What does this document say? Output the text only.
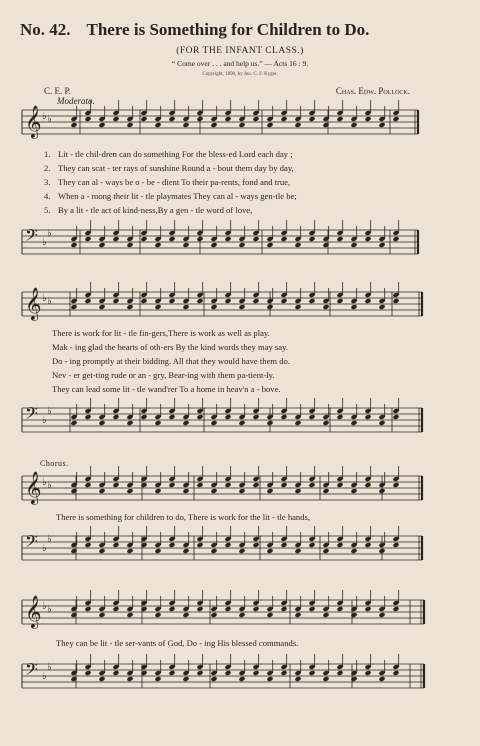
No. 42. There is Something for Children to Do.
(FOR THE INFANT CLASS.)
“ Come over . . . and help us.” — Acts 16 : 9.
Copyright, 1890, by Jno. C. F. Kyger.
C. E. P.	Chas. Edw. Pollock.
Moderato.
𝄞 ♭ ♭
𝄢 ♭
♭
𝄞 ♭ ♭
𝄢 ♭
♭
𝄞 ♭ ♭
𝄢 ♭
♭
𝄞 ♭ ♭
𝄢 ♭
♭
1. Lit - tle chil-dren can do something For the bless-ed Lord each day ;
2. They can scat - ter rays of sunshine Round a - bout them day by day,
3. They can al - ways be o - be - dient To their pa-rents, fond and true,
4. When a - mong their lit - tle playmates They can al - ways gen-tle be;
5. By a lit - tle act of kind-ness,By a gen - tle word of love,
There is work for lit - tle fin-gers,There is work as well as play.
Mak - ing glad the hearts of oth-ers By the kind words they may say.
Do - ing promptly at their bidding. All that they would have them do.
Nev - er get-ting rude or an - gry, Bear-ing with them pa-tient-ly.
They can lead some lit - tle wand'rer To a home in heav'n a - bove.
Chorus.
There is something for children to do, There is work for the lit - tle hands,
They can be lit - tle ser-vants of God, Do - ing His blessed commands.
